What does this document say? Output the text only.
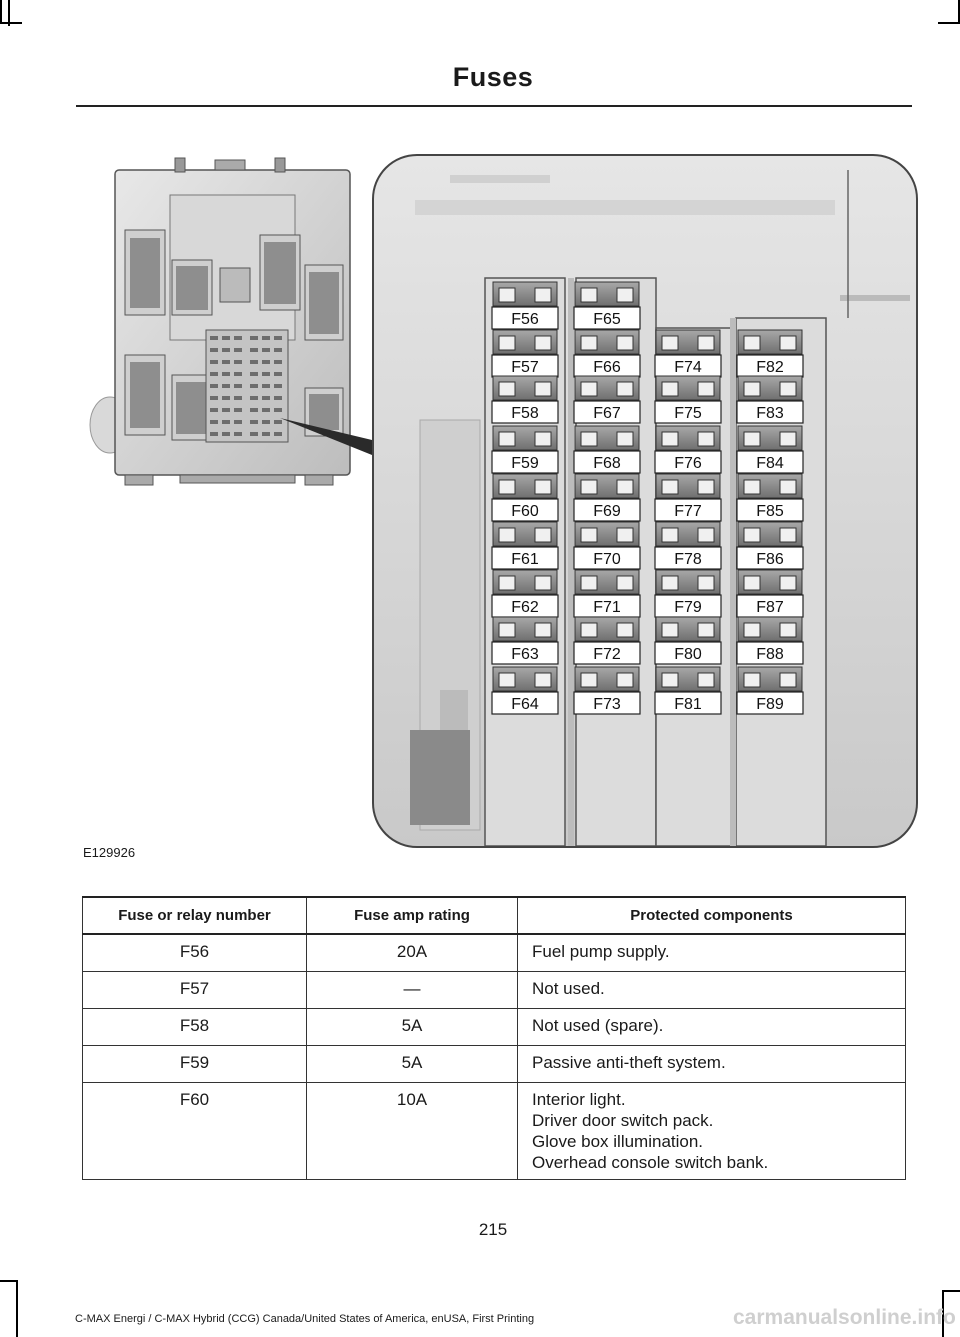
Fuses
F56
F57
F58
F59
F60
F61
F62
F63
F64
F65
F66
F67
F68
F69
F70
F71
F72
F73
F74
F75
F76
F77
F78
F79
F80
F81
F82
F83
F84
F85
F86
F87
F88
F89
E129926
Fuse or relay number	Fuse amp rating	Protected components
F56	20A	Fuel pump supply.

F57	—	Not used.

F58	5A	Not used (spare).

F59	5A	Passive anti-theft system.

F60	10A	Interior light.
Driver door switch pack.
Glove box illumination.
Overhead console switch bank.
215
C-MAX Energi / C-MAX Hybrid (CCG) Canada/United States of America, enUSA, First Printing	carmanualsonline.info
